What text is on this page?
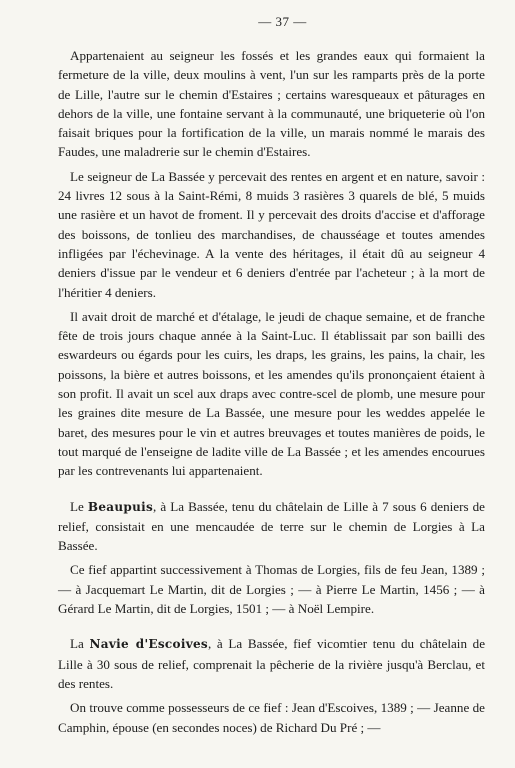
— 37 —

Appartenaient au seigneur les fossés et les grandes eaux qui formaient la fermeture de la ville, deux moulins à vent, l'un sur les ramparts près de la porte de Lille, l'autre sur le chemin d'Estaires ; certains waresqueaux et pâturages en dehors de la ville, une fontaine servant à la communauté, une briqueterie où l'on faisait briques pour la fortification de la ville, un marais nommé le marais des Faudes, une maladrerie sur le chemin d'Estaires.

Le seigneur de La Bassée y percevait des rentes en argent et en nature, savoir : 24 livres 12 sous à la Saint-Rémi, 8 muids 3 rasières 3 quarels de blé, 5 muids une rasière et un havot de froment. Il y percevait des droits d'accise et d'afforage des boissons, de tonlieu des marchandises, de chausséage et toutes amendes infligées par l'échevinage. A la vente des héritages, il était dû au seigneur 4 deniers d'issue par le vendeur et 6 deniers d'entrée par l'acheteur ; à la mort de l'héritier 4 deniers.

Il avait droit de marché et d'étalage, le jeudi de chaque semaine, et de franche fête de trois jours chaque année à la Saint-Luc. Il établissait par son bailli des eswardeurs ou égards pour les cuirs, les draps, les grains, les pains, la chair, les poissons, la bière et autres boissons, et les amendes qu'ils prononçaient étaient à son profit. Il avait un scel aux draps avec contre-scel de plomb, une mesure pour les graines dite mesure de La Bassée, une mesure pour les weddes appelée le baret, des mesures pour le vin et autres breuvages et toutes manières de poids, le tout marqué de l'enseigne de ladite ville de La Bassée ; et les amendes encourues par les contrevenants lui appartenaient.

Le Beaupuis, à La Bassée, tenu du châtelain de Lille à 7 sous 6 deniers de relief, consistait en une mencaudée de terre sur le chemin de Lorgies à La Bassée.

Ce fief appartint successivement à Thomas de Lorgies, fils de feu Jean, 1389 ; — à Jacquemart Le Martin, dit de Lorgies ; — à Pierre Le Martin, 1456 ; — à Gérard Le Martin, dit de Lorgies, 1501 ; — à Noël Lempire.

La Navie d'Escoives, à La Bassée, fief vicomtier tenu du châtelain de Lille à 30 sous de relief, comprenait la pêcherie de la rivière jusqu'à Berclau, et des rentes.

On trouve comme possesseurs de ce fief : Jean d'Escoives, 1389 ; — Jeanne de Camphin, épouse (en secondes noces) de Richard Du Pré ; —
